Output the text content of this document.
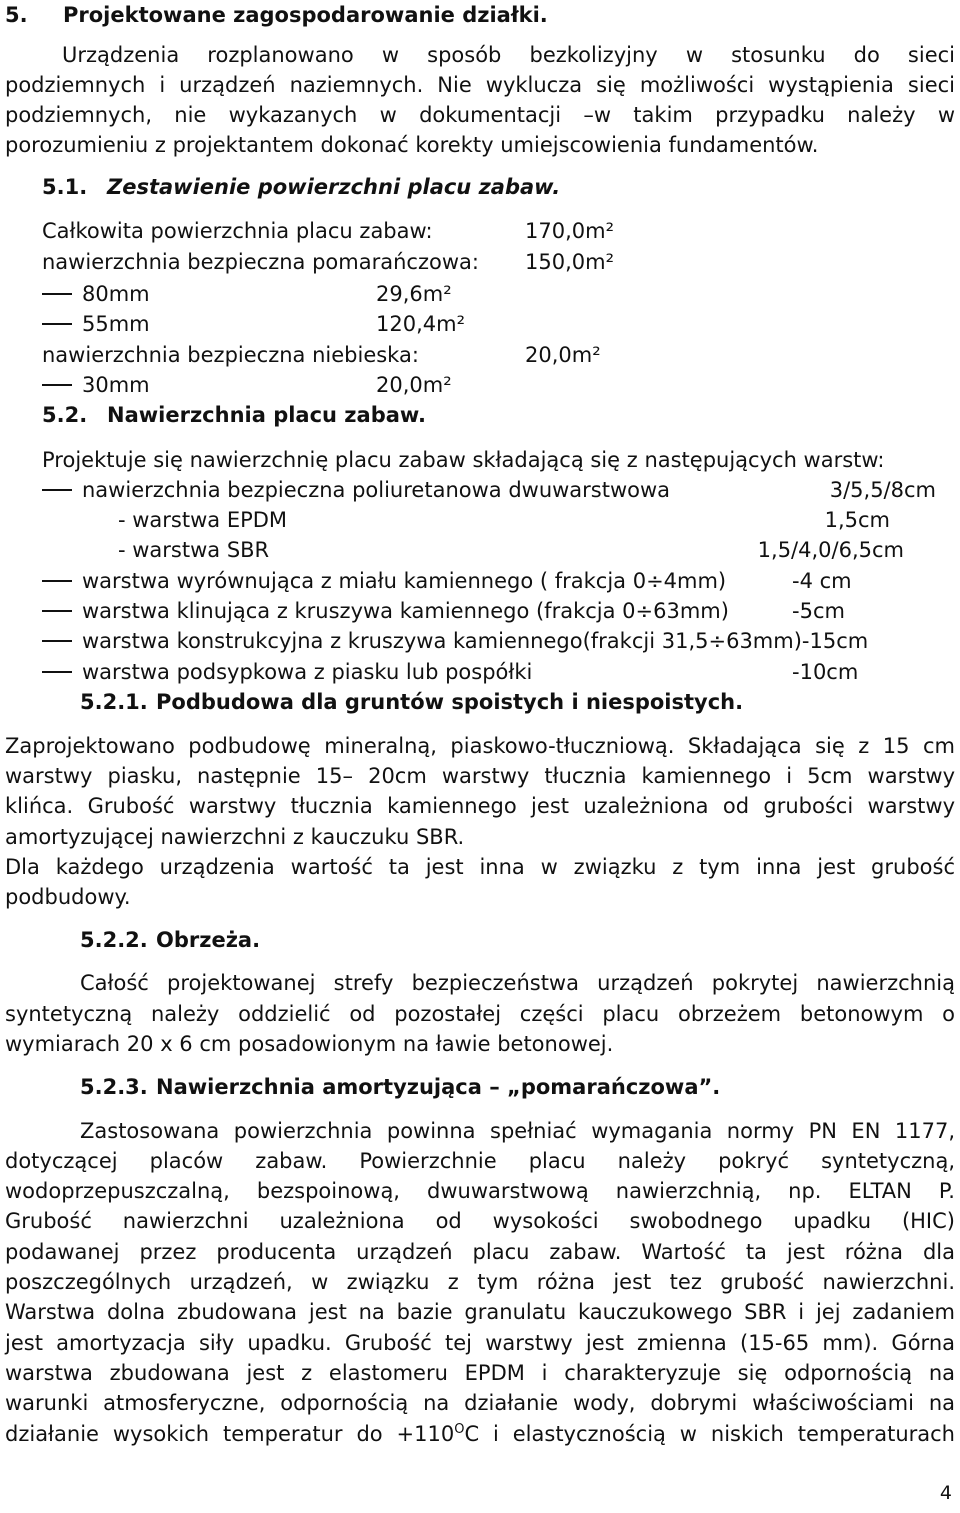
5. Projektowane zagospodarowanie działki.
Urządzenia rozplanowano w sposób bezkolizyjny w stosunku do sieci
podziemnych i urządzeń naziemnych. Nie wyklucza się możliwości wystąpienia sieci
podziemnych, nie wykazanych w dokumentacji –w takim przypadku należy w
porozumieniu z projektantem dokonać korekty umiejscowienia fundamentów.
5.1. Zestawienie powierzchni placu zabaw.
Całkowita powierzchnia placu zabaw:	170,0m²
nawierzchnia bezpieczna pomarańczowa: 150,0m²
80mm	29,6m²
55mm	120,4m²
nawierzchnia bezpieczna niebieska:	20,0m²
30mm	20,0m²
5.2. Nawierzchnia placu zabaw.
Projektuje się nawierzchnię placu zabaw składającą się z następujących warstw:
nawierzchnia bezpieczna poliuretanowa dwuwarstwowa	3/5,5/8cm
- warstwa EPDM	1,5cm
- warstwa SBR	1,5/4,0/6,5cm
warstwa wyrównująca z miału kamiennego ( frakcja 0÷4mm)	-4 cm
warstwa klinująca z kruszywa kamiennego (frakcja 0÷63mm)	-5cm
warstwa konstrukcyjna z kruszywa kamiennego(frakcji 31,5÷63mm)-15cm
warstwa podsypkowa z piasku lub pospółki	-10cm
5.2.1. Podbudowa dla gruntów spoistych i niespoistych.
Zaprojektowano podbudowę mineralną, piaskowo-tłuczniową. Składająca się z 15 cm
warstwy piasku, następnie 15– 20cm warstwy tłucznia kamiennego i 5cm warstwy
klińca. Grubość warstwy tłucznia kamiennego jest uzależniona od grubości warstwy
amortyzującej nawierzchni z kauczuku SBR.
Dla każdego urządzenia wartość ta jest inna w związku z tym inna jest grubość
podbudowy.
5.2.2. Obrzeża.
Całość projektowanej strefy bezpieczeństwa urządzeń pokrytej nawierzchnią
syntetyczną należy oddzielić od pozostałej części placu obrzeżem betonowym o
wymiarach 20 x 6 cm posadowionym na ławie betonowej.
5.2.3. Nawierzchnia amortyzująca – „pomarańczowa”.
Zastosowana powierzchnia powinna spełniać wymagania normy PN EN 1177,
dotyczącej placów zabaw. Powierzchnie placu należy pokryć syntetyczną,
wodoprzepuszczalną, bezspoinową, dwuwarstwową nawierzchnią, np. ELTAN P.
Grubość nawierzchni uzależniona od wysokości swobodnego upadku (HIC)
podawanej przez producenta urządzeń placu zabaw. Wartość ta jest różna dla
poszczególnych urządzeń, w związku z tym różna jest tez grubość nawierzchni.
Warstwa dolna zbudowana jest na bazie granulatu kauczukowego SBR i jej zadaniem
jest amortyzacja siły upadku. Grubość tej warstwy jest zmienna (15-65 mm). Górna
warstwa zbudowana jest z elastomeru EPDM i charakteryzuje się odpornością na
warunki atmosferyczne, odpornością na działanie wody, dobrymi właściwościami na
działanie wysokich temperatur do $+110^OC$ i elastycznością w niskich temperaturach
4
